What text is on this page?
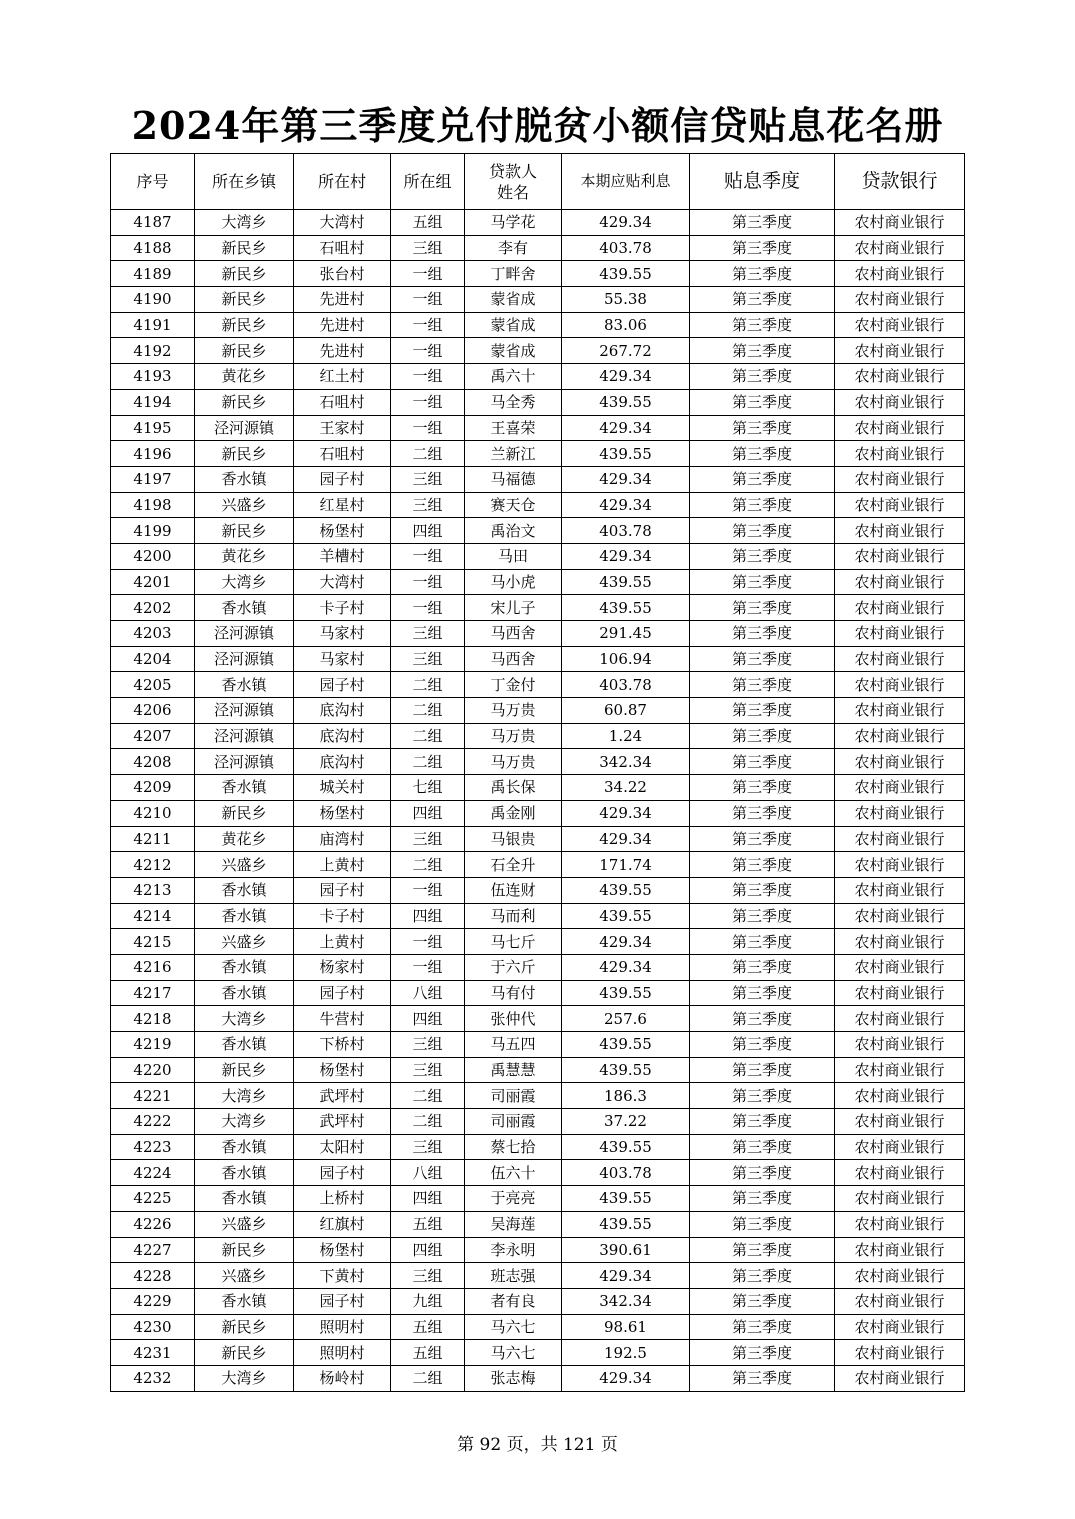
2024年第三季度兑付脱贫小额信贷贴息花名册
序号	所在乡镇	所在村	所在组	贷款人姓名	本期应贴利息	贴息季度	贷款银行
4187	大湾乡	大湾村	五组	马学花	429.34	第三季度	农村商业银行
4188	新民乡	石咀村	三组	李有	403.78	第三季度	农村商业银行
4189	新民乡	张台村	一组	丁畔舍	439.55	第三季度	农村商业银行
4190	新民乡	先进村	一组	蒙省成	55.38	第三季度	农村商业银行
4191	新民乡	先进村	一组	蒙省成	83.06	第三季度	农村商业银行
4192	新民乡	先进村	一组	蒙省成	267.72	第三季度	农村商业银行
4193	黄花乡	红土村	一组	禹六十	429.34	第三季度	农村商业银行
4194	新民乡	石咀村	一组	马全秀	439.55	第三季度	农村商业银行
4195	泾河源镇	王家村	一组	王喜荣	429.34	第三季度	农村商业银行
4196	新民乡	石咀村	二组	兰新江	439.55	第三季度	农村商业银行
4197	香水镇	园子村	三组	马福德	429.34	第三季度	农村商业银行
4198	兴盛乡	红星村	三组	赛天仓	429.34	第三季度	农村商业银行
4199	新民乡	杨堡村	四组	禹治文	403.78	第三季度	农村商业银行
4200	黄花乡	羊槽村	一组	马田	429.34	第三季度	农村商业银行
4201	大湾乡	大湾村	一组	马小虎	439.55	第三季度	农村商业银行
4202	香水镇	卡子村	一组	宋儿子	439.55	第三季度	农村商业银行
4203	泾河源镇	马家村	三组	马西舍	291.45	第三季度	农村商业银行
4204	泾河源镇	马家村	三组	马西舍	106.94	第三季度	农村商业银行
4205	香水镇	园子村	二组	丁金付	403.78	第三季度	农村商业银行
4206	泾河源镇	底沟村	二组	马万贵	60.87	第三季度	农村商业银行
4207	泾河源镇	底沟村	二组	马万贵	1.24	第三季度	农村商业银行
4208	泾河源镇	底沟村	二组	马万贵	342.34	第三季度	农村商业银行
4209	香水镇	城关村	七组	禹长保	34.22	第三季度	农村商业银行
4210	新民乡	杨堡村	四组	禹金刚	429.34	第三季度	农村商业银行
4211	黄花乡	庙湾村	三组	马银贵	429.34	第三季度	农村商业银行
4212	兴盛乡	上黄村	二组	石全升	171.74	第三季度	农村商业银行
4213	香水镇	园子村	一组	伍连财	439.55	第三季度	农村商业银行
4214	香水镇	卡子村	四组	马而利	439.55	第三季度	农村商业银行
4215	兴盛乡	上黄村	一组	马七斤	429.34	第三季度	农村商业银行
4216	香水镇	杨家村	一组	于六斤	429.34	第三季度	农村商业银行
4217	香水镇	园子村	八组	马有付	439.55	第三季度	农村商业银行
4218	大湾乡	牛营村	四组	张仲代	257.6	第三季度	农村商业银行
4219	香水镇	下桥村	三组	马五四	439.55	第三季度	农村商业银行
4220	新民乡	杨堡村	三组	禹慧慧	439.55	第三季度	农村商业银行
4221	大湾乡	武坪村	二组	司丽霞	186.3	第三季度	农村商业银行
4222	大湾乡	武坪村	二组	司丽霞	37.22	第三季度	农村商业银行
4223	香水镇	太阳村	三组	蔡七拾	439.55	第三季度	农村商业银行
4224	香水镇	园子村	八组	伍六十	403.78	第三季度	农村商业银行
4225	香水镇	上桥村	四组	于亮亮	439.55	第三季度	农村商业银行
4226	兴盛乡	红旗村	五组	吴海莲	439.55	第三季度	农村商业银行
4227	新民乡	杨堡村	四组	李永明	390.61	第三季度	农村商业银行
4228	兴盛乡	下黄村	三组	班志强	429.34	第三季度	农村商业银行
4229	香水镇	园子村	九组	者有良	342.34	第三季度	农村商业银行
4230	新民乡	照明村	五组	马六七	98.61	第三季度	农村商业银行
4231	新民乡	照明村	五组	马六七	192.5	第三季度	农村商业银行
4232	大湾乡	杨岭村	二组	张志梅	429.34	第三季度	农村商业银行
第 92 页，共 121 页
